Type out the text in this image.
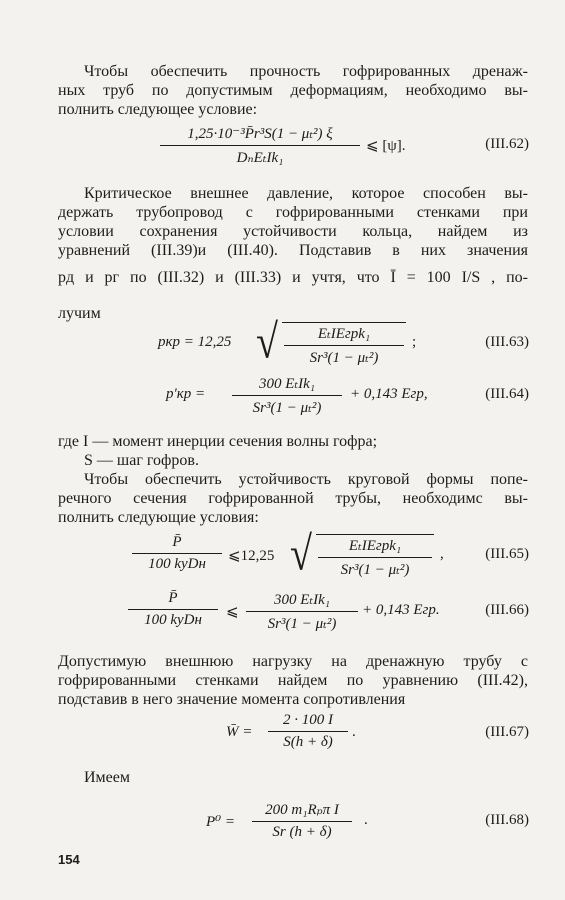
Чтобы обеспечить прочность гофрированных дренаж-
ных труб по допустимым деформациям, необходимо вы-
полнить следующее условие:
1,25·10⁻³P̄r³S(1 − μₜ²) ξ
DₙEₜIk₁
⩽ [ψ].	(III.62)
Критическое внешнее давление, которое способен вы-
держать трубопровод с гофрированными стенками при
условии сохранения устойчивости кольца, найдем из
уравнений (III.39)и (III.40). Подставив в них значения
pд и pг по (III.32) и (III.33) и учтя, что Ī = 100 I/S , по-
лучим
pкр = 12,25 √	EₜIEгрk₁
Sr³(1 − μₜ²)
;	(III.63)
p′кр =
300 EₜIk₁
Sr³(1 − μₜ²)
+ 0,143 Eгр,	(III.64)
где I — момент инерции сечения волны гофра;
S — шаг гофров.
Чтобы обеспечить устойчивость круговой формы попе-
речного сечения гофрированной трубы, необходимс вы-
полнить следующие условия:
P̄
100 kуDн	⩽12,25 √	EₜIEгрk₁
Sr³(1 − μₜ²)
,	(III.65)
P̄
100 kуDн	⩽
300 EₜIk₁
Sr³(1 − μₜ²)
+ 0,143 Eгр.	(III.66)
Допустимую внешнюю нагрузку на дренажную трубу с
гофрированными стенками найдем по уравнению (III.42),
подставив в него значение момента сопротивления
W̄ =
2 · 100 I
S(h + δ)
.	(III.67)
Имеем
P⁰ =
200 m₁Rₚπ I
Sr (h + δ)
.	(III.68)
154
